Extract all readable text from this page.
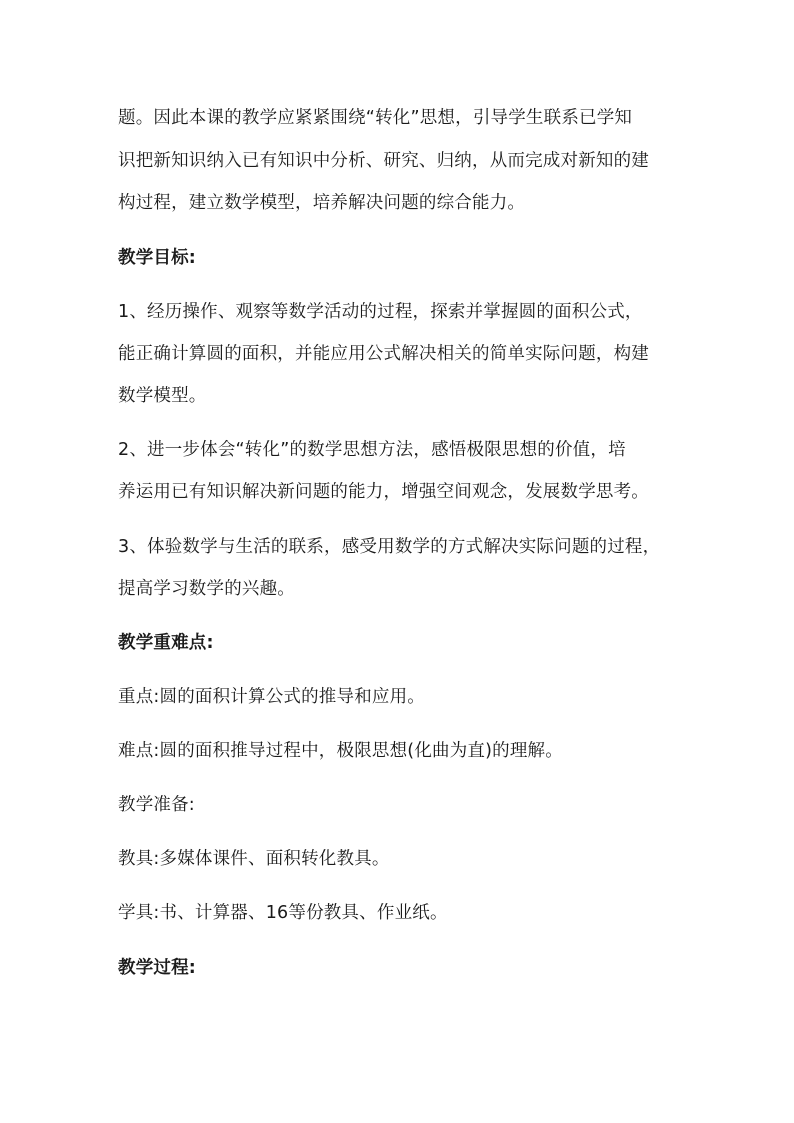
题。因此本课的教学应紧紧围绕“转化”思想，引导学生联系已学知
识把新知识纳入已有知识中分析、研究、归纳，从而完成对新知的建
构过程，建立数学模型，培养解决问题的综合能力。
教学目标:
1、经历操作、观察等数学活动的过程，探索并掌握圆的面积公式，
能正确计算圆的面积，并能应用公式解决相关的简单实际问题，构建
数学模型。
2、进一步体会“转化”的数学思想方法，感悟极限思想的价值，培
养运用已有知识解决新问题的能力，增强空间观念，发展数学思考。
3、体验数学与生活的联系，感受用数学的方式解决实际问题的过程，
提高学习数学的兴趣。
教学重难点:
重点:圆的面积计算公式的推导和应用。
难点:圆的面积推导过程中，极限思想(化曲为直)的理解。
教学准备:
教具:多媒体课件、面积转化教具。
学具:书、计算器、16等份教具、作业纸。
教学过程:
